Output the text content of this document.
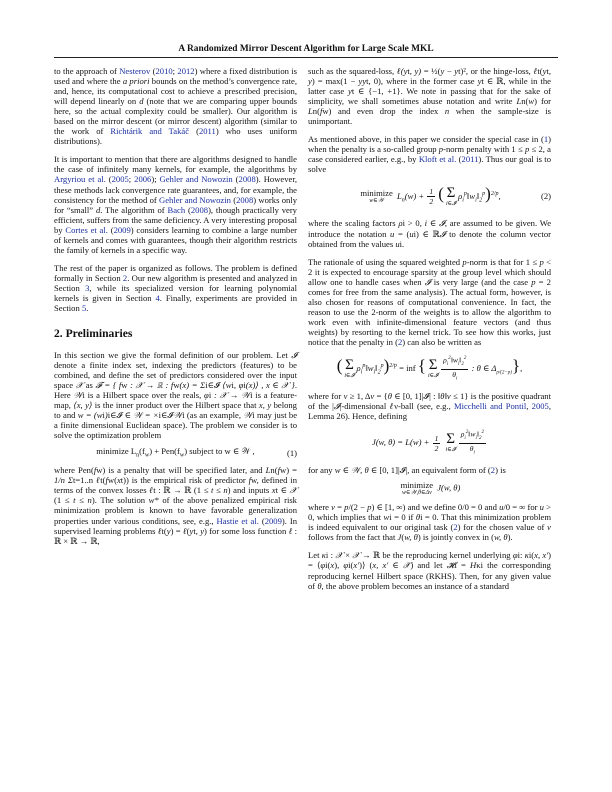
A Randomized Mirror Descent Algorithm for Large Scale MKL

to the approach of Nesterov (2010; 2012) where a fixed distribution is used and where the a priori bounds on the method’s convergence rate, and, hence, its computational cost to achieve a prescribed precision, will depend linearly on d (note that we are comparing upper bounds here, so the actual complexity could be smaller). Our algorithm is based on the mirror descent (or mirror descent) algorithm (similar to the work of Richtárik and Takáč (2011) who uses uniform distributions).

It is important to mention that there are algorithms designed to handle the case of infinitely many kernels, for example, the algorithms by Argyriou et al. (2005; 2006); Gehler and Nowozin (2008). However, these methods lack convergence rate guarantees, and, for example, the consistency for the method of Gehler and Nowozin (2008) works only for “small” d. The algorithm of Bach (2008), though practically very efficient, suffers from the same deficiency. A very interesting proposal by Cortes et al. (2009) considers learning to combine a large number of kernels and comes with guarantees, though their algorithm restricts the family of kernels in a specific way.

The rest of the paper is organized as follows. The problem is defined formally in Section 2. Our new algorithm is presented and analyzed in Section 3, while its specialized version for learning polynomial kernels is given in Section 4. Finally, experiments are provided in Section 5.

2. Preliminaries

In this section we give the formal definition of our problem. Let 𝓘 denote a finite index set, indexing the predictors (features) to be combined, and define the set of predictors considered over the input space 𝒳 as 𝓕 = { fw : 𝒳 → ℝ : fw(x) = Σi∈𝓘 ⟨wi, φi(x)⟩ , x ∈ 𝒳 }. Here 𝒲i is a Hilbert space over the reals, φi : 𝒳 → 𝒲i is a feature-map, ⟨x, y⟩ is the inner product over the Hilbert space that x, y belong to and w = (wi)i∈𝓘 ∈ 𝒲 = ×i∈𝓘𝒲i (as an example, 𝒲i may just be a finite dimensional Euclidean space). The problem we consider is to solve the optimization problem

minimize $L_n(f_w) + Pen(f_w)$ subject to w ∈ 𝒲 ,	(1)

where Pen(fw) is a penalty that will be specified later, and Ln(fw) = 1/n Σt=1..n ℓt(fw(xt)) is the empirical risk of predictor fw, defined in terms of the convex losses ℓt : ℝ → ℝ (1 ≤ t ≤ n) and inputs xt ∈ 𝒳 (1 ≤ t ≤ n). The solution w* of the above penalized empirical risk minimization problem is known to have favorable generalization properties under various conditions, see, e.g., Hastie et al. (2009). In supervised learning problems ℓt(y) = ℓ(yt, y) for some loss function ℓ : ℝ × ℝ → ℝ,

such as the squared-loss, ℓ(yt, y) = ½(y − yt)², or the hinge-loss, ℓt(yt, y) = max(1 − yyt, 0), where in the former case yt ∈ ℝ, while in the latter case yt ∈ {−1, +1}. We note in passing that for the sake of simplicity, we shall sometimes abuse notation and write Ln(w) for Ln(fw) and even drop the index n when the sample-size is unimportant.

As mentioned above, in this paper we consider the special case in (1) when the penalty is a so-called group p-norm penalty with 1 ≤ p ≤ 2, a case considered earlier, e.g., by Kloft et al. (2011). Thus our goal is to solve

minimize
w∈𝒲
$L_n(w) + \frac{1}{2}$ ( Σ
i∈𝓘
$\rho_i^p‖w_i‖_2^p)^{2/p}$,	(2)

where the scaling factors ρi > 0, i ∈ 𝓘, are assumed to be given. We introduce the notation u = (ui) ∈ ℝ𝓘 to denote the column vector obtained from the values ui.

The rationale of using the squared weighted p-norm is that for 1 ≤ p < 2 it is expected to encourage sparsity at the group level which should allow one to handle cases when 𝓘 is very large (and the case p = 2 comes for free from the same analysis). The actual form, however, is also chosen for reasons of computational convenience. In fact, the reason to use the 2-norm of the weights is to allow the algorithm to work even with infinite-dimensional feature vectors (and thus weights) by resorting to the kernel trick. To see how this works, just notice that the penalty in (2) can also be written as

( Σ
i∈𝓘
$\rho_i^p‖w_i‖_2^p)^{2/p}$ = inf { Σ
i∈𝓘 $\frac{\rho_i^2‖w_i‖_2^2}{\theta_i}$ : θ ∈ $\Delta_{p/(2-p)}$},

where for ν ≥ 1, Δν = {θ ∈ [0, 1]|𝓘| : ‖θ‖ν ≤ 1} is the positive quadrant of the |𝓘|-dimensional ℓν-ball (see, e.g., Micchelli and Pontil, 2005, Lemma 26). Hence, defining

J(w, $\theta) = L(w) + \frac{1}{2}$
Σ
i∈𝓘 $\frac{\rho_i^2‖w_i‖_2^2}{\theta_i}$

for any w ∈ 𝒲, θ ∈ [0, 1]|𝓘|, an equivalent form of (2) is

minimize
w∈𝒲,θ∈Δν
J(w, θ)

where ν = p/(2 − p) ∈ [1, ∞) and we define 0/0 = 0 and u/0 = ∞ for u > 0, which implies that wi = 0 if θi = 0. That this minimization problem is indeed equivalent to our original task (2) for the chosen value of ν follows from the fact that J(w, θ) is jointly convex in (w, θ).

Let κi : 𝒳 × 𝒳 → ℝ be the reproducing kernel underlying φi: κi(x, x′) = ⟨φi(x), φi(x′)⟩ (x, x′ ∈ 𝒳) and let 𝓗i = Hκi the corresponding reproducing kernel Hilbert space (RKHS). Then, for any given value of θ, the above problem becomes an instance of a standard
